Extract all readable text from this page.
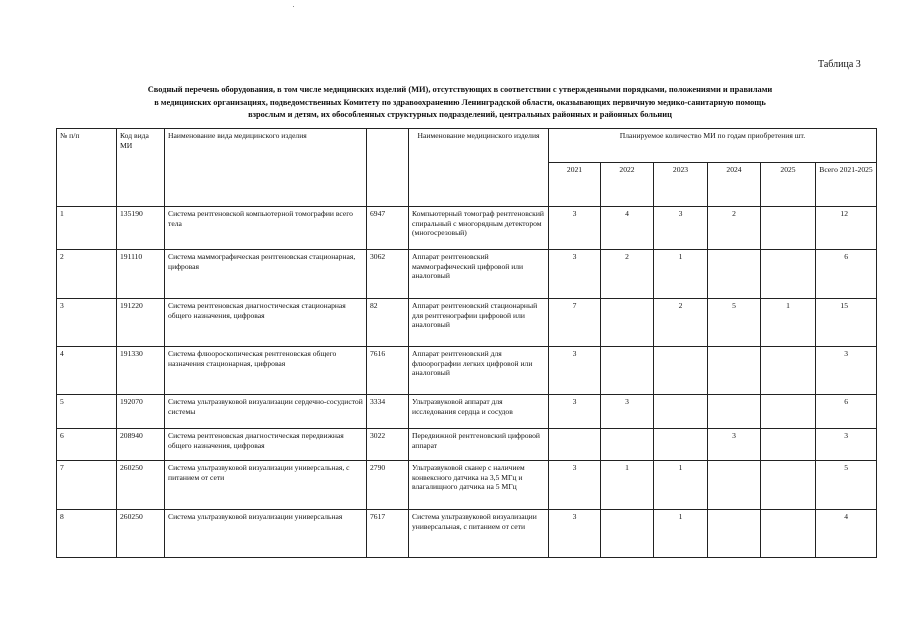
Таблица 3
Сводный перечень оборудования, в том числе медицинских изделий (МИ), отсутствующих в соответствии с утвержденными порядками, положениями и правилами
в медицинских организациях, подведомственных Комитету по здравоохранению Ленинградской области, оказывающих первичную медико-санитарную помощь
взрослым и детям, их обособленных структурных подразделений, центральных районных и районных больниц
№ п/п	Код вида МИ	Наименование вида медицинского изделия		Наименование медицинского изделия	Планируемое количество МИ по годам приобретения шт.					
					2021	2022	2023	2024	2025	Всего 2021-2025
1	135190	Система рентгеновской компьютерной томографии всего тела	6947	Компьютерный томограф рентгеновский спиральный с многорядным детектором (многосрезовый)	3	4	3	2		12
2	191110	Система маммографическая рентгеновская стационарная, цифровая	3062	Аппарат рентгеновский маммографический цифровой или аналоговый	3	2	1			6
3	191220	Система рентгеновская диагностическая стационарная общего назначения, цифровая	82	Аппарат рентгеновский стационарный для рентгенографии цифровой или аналоговый	7		2	5	1	15
4	191330	Система флюороскопическая рентгеновская общего назначения стационарная, цифровая	7616	Аппарат рентгеновский для флюорографии легких цифровой или аналоговый	3					3
5	192070	Система ультразвуковой визуализации сердечно-сосудистой системы	3334	Ультразвуковой аппарат для исследования сердца и сосудов	3	3				6
6	208940	Система рентгеновская диагностическая передвижная общего назначения, цифровая	3022	Передвижной рентгеновский цифровой аппарат				3		3
7	260250	Система ультразвуковой визуализации универсальная, с питанием от сети	2790	Ультразвуковой сканер с наличием конвексного датчика на 3,5 МГц и влагалищного датчика на 5 МГц	3	1	1			5
8	260250	Система ультразвуковой визуализации универсальная	7617	Система ультразвуковой визуализации универсальная, с питанием от сети	3		1			4
